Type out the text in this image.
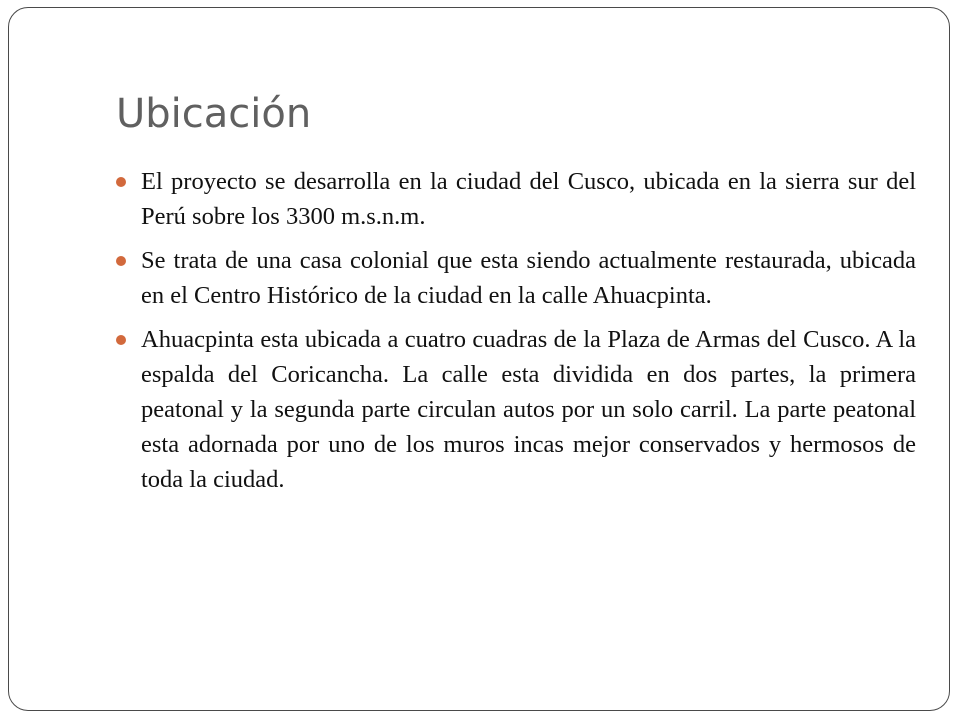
Ubicación
El proyecto se desarrolla en la ciudad del Cusco, ubicada en la sierra sur del Perú sobre los 3300 m.s.n.m.
Se trata de una casa colonial que esta siendo actualmente restaurada, ubicada en el Centro Histórico de la ciudad en la calle Ahuacpinta.
Ahuacpinta esta ubicada a cuatro cuadras de la Plaza de Armas del Cusco. A la espalda del Coricancha. La calle esta dividida en dos partes, la primera peatonal y la segunda parte circulan autos por un solo carril. La parte peatonal esta adornada por uno de los muros incas mejor conservados y hermosos de toda la ciudad.
